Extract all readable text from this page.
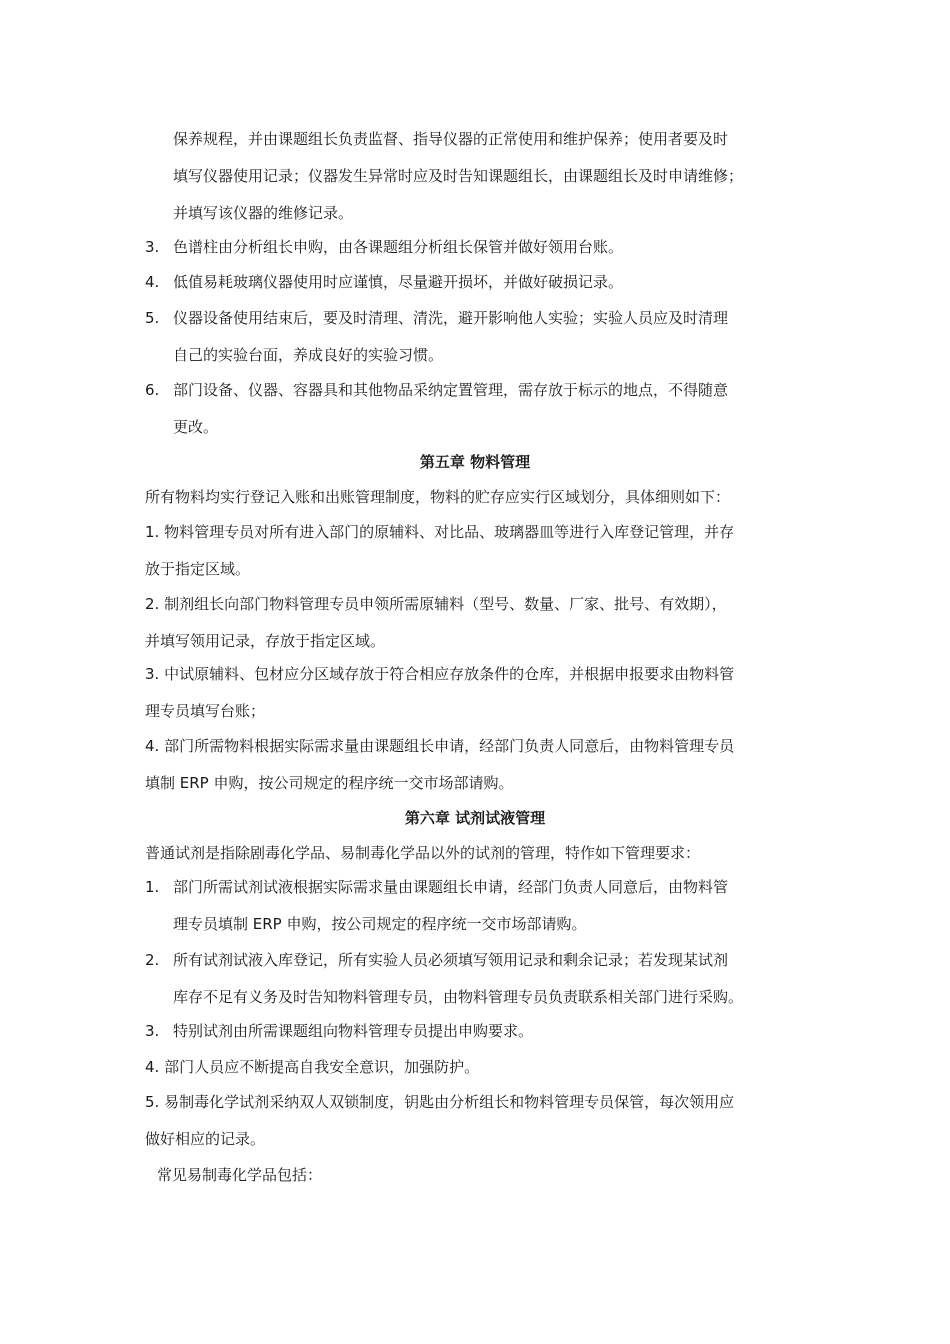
保养规程，并由课题组长负责监督、指导仪器的正常使用和维护保养；使用者要及时
填写仪器使用记录；仪器发生异常时应及时告知课题组长，由课题组长及时申请维修；
并填写该仪器的维修记录。
3. 色谱柱由分析组长申购，由各课题组分析组长保管并做好领用台账。
4. 低值易耗玻璃仪器使用时应谨慎，尽量避开损坏，并做好破损记录。
5. 仪器设备使用结束后，要及时清理、清洗，避开影响他人实验；实验人员应及时清理
自己的实验台面，养成良好的实验习惯。
6. 部门设备、仪器、容器具和其他物品采纳定置管理，需存放于标示的地点，不得随意
更改。
第五章 物料管理
所有物料均实行登记入账和出账管理制度，物料的贮存应实行区域划分，具体细则如下：
1. 物料管理专员对所有进入部门的原辅料、对比品、玻璃器皿等进行入库登记管理，并存
放于指定区域。
2. 制剂组长向部门物料管理专员申领所需原辅料（型号、数量、厂家、批号、有效期），
并填写领用记录，存放于指定区域。
3. 中试原辅料、包材应分区域存放于符合相应存放条件的仓库，并根据申报要求由物料管
理专员填写台账；
4. 部门所需物料根据实际需求量由课题组长申请，经部门负责人同意后，由物料管理专员
填制 ERP 申购，按公司规定的程序统一交市场部请购。
第六章 试剂试液管理
普通试剂是指除剧毒化学品、易制毒化学品以外的试剂的管理，特作如下管理要求：
1. 部门所需试剂试液根据实际需求量由课题组长申请，经部门负责人同意后，由物料管
理专员填制 ERP 申购，按公司规定的程序统一交市场部请购。
2. 所有试剂试液入库登记，所有实验人员必须填写领用记录和剩余记录；若发现某试剂
库存不足有义务及时告知物料管理专员，由物料管理专员负责联系相关部门进行采购。
3. 特别试剂由所需课题组向物料管理专员提出申购要求。
4. 部门人员应不断提高自我安全意识，加强防护。
5. 易制毒化学试剂采纳双人双锁制度，钥匙由分析组长和物料管理专员保管，每次领用应
做好相应的记录。
常见易制毒化学品包括：
